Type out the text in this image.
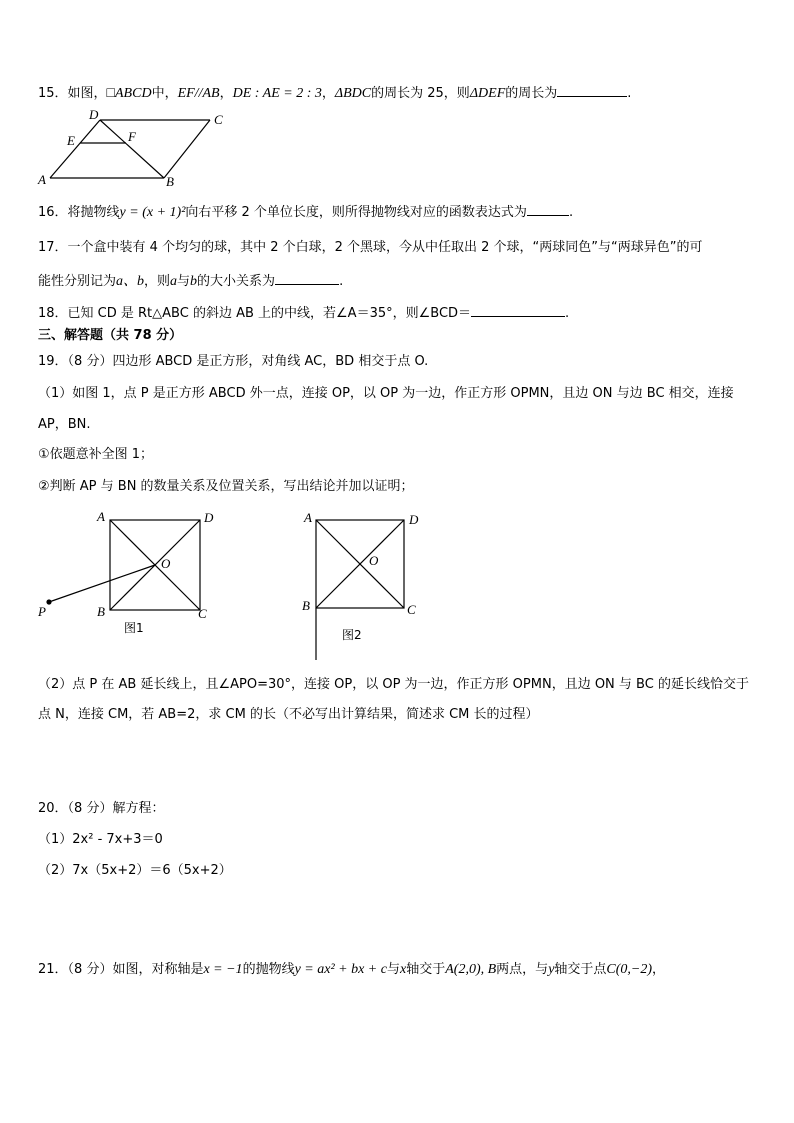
15．如图，□ABCD中，EF//AB，DE : AE = 2 : 3，ΔBDC的周长为 25，则ΔDEF的周长为	.
A	B
C
D
E	F
16．将抛物线y = (x + 1)²向右平移 2 个单位长度，则所得抛物线对应的函数表达式为	.
17．一个盒中装有 4 个均匀的球，其中 2 个白球，2 个黑球，今从中任取出 2 个球，“两球同色”与“两球异色”的可
能性分别记为a、b，则a与b的大小关系为	.
18．已知 CD 是 Rt△ABC 的斜边 AB 上的中线，若∠A＝35°，则∠BCD＝	.
三、解答题（共 78 分）
19．（8 分）四边形 ABCD 是正方形，对角线 AC，BD 相交于点 O.
（1）如图 1，点 P 是正方形 ABCD 外一点，连接 OP，以 OP 为一边，作正方形 OPMN，且边 ON 与边 BC 相交，连接
AP，BN.
①依题意补全图 1；
②判断 AP 与 BN 的数量关系及位置关系，写出结论并加以证明；
A	D
O
B	C
P
图1
A	D
O
B	C
图2
（2）点 P 在 AB 延长线上，且∠APO=30°，连接 OP，以 OP 为一边，作正方形 OPMN，且边 ON 与 BC 的延长线恰交于
点 N，连接 CM，若 AB=2，求 CM 的长（不必写出计算结果，简述求 CM 长的过程）
20．（8 分）解方程：
（1）2x² - 7x+3＝0
（2）7x（5x+2）＝6（5x+2）
21．（8 分）如图，对称轴是x = −1的抛物线y = ax² + bx + c与x轴交于A(2,0), B两点，与y轴交于点C(0,−2)，
